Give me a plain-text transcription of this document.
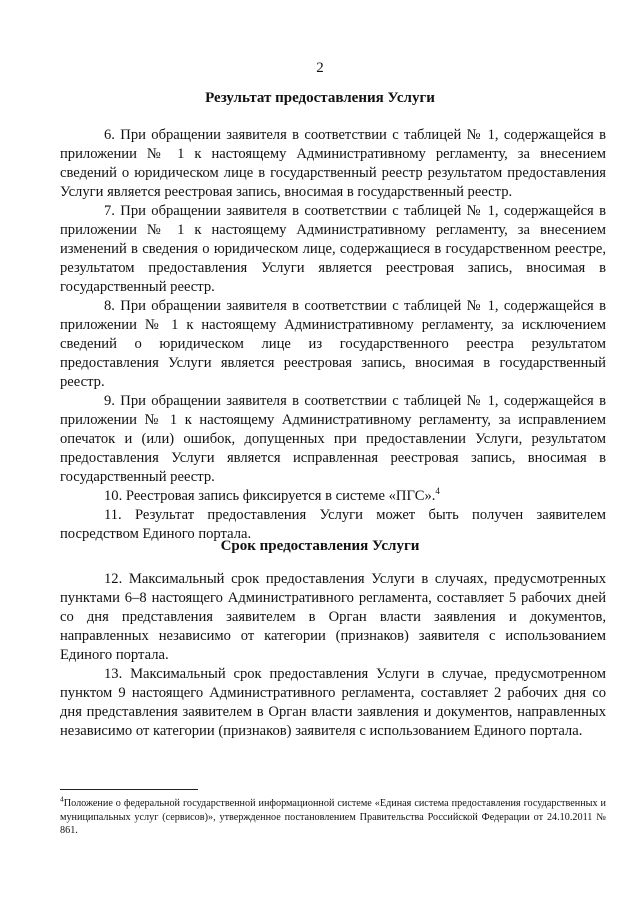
2
Результат предоставления Услуги

6. При обращении заявителя в соответствии с таблицей № 1, содержащейся в приложении № 1 к настоящему Административному регламенту, за внесением сведений о юридическом лице в государственный реестр результатом предоставления Услуги является реестровая запись, вносимая в государственный реестр.

7. При обращении заявителя в соответствии с таблицей № 1, содержащейся в приложении № 1 к настоящему Административному регламенту, за внесением изменений в сведения о юридическом лице, содержащиеся в государственном реестре, результатом предоставления Услуги является реестровая запись, вносимая в государственный реестр.

8. При обращении заявителя в соответствии с таблицей № 1, содержащейся в приложении № 1 к настоящему Административному регламенту, за исключением сведений о юридическом лице из государственного реестра результатом предоставления Услуги является реестровая запись, вносимая в государственный реестр.

9. При обращении заявителя в соответствии с таблицей № 1, содержащейся в приложении № 1 к настоящему Административному регламенту, за исправлением опечаток и (или) ошибок, допущенных при предоставлении Услуги, результатом предоставления Услуги является исправленная реестровая запись, вносимая в государственный реестр.

10. Реестровая запись фиксируется в системе «ПГС».$^4$

11. Результат предоставления Услуги может быть получен заявителем посредством Единого портала.

Срок предоставления Услуги

12. Максимальный срок предоставления Услуги в случаях, предусмотренных пунктами 6–8 настоящего Административного регламента, составляет 5 рабочих дней со дня представления заявителем в Орган власти заявления и документов, направленных независимо от категории (признаков) заявителя с использованием Единого портала.

13. Максимальный срок предоставления Услуги в случае, предусмотренном пунктом 9 настоящего Административного регламента, составляет 2 рабочих дня со дня представления заявителем в Орган власти заявления и документов, направленных независимо от категории (признаков) заявителя с использованием Единого портала.

$^4$Положение о федеральной государственной информационной системе «Единая система предоставления государственных и муниципальных услуг (сервисов)», утвержденное постановлением Правительства Российской Федерации от 24.10.2011 № 861.
